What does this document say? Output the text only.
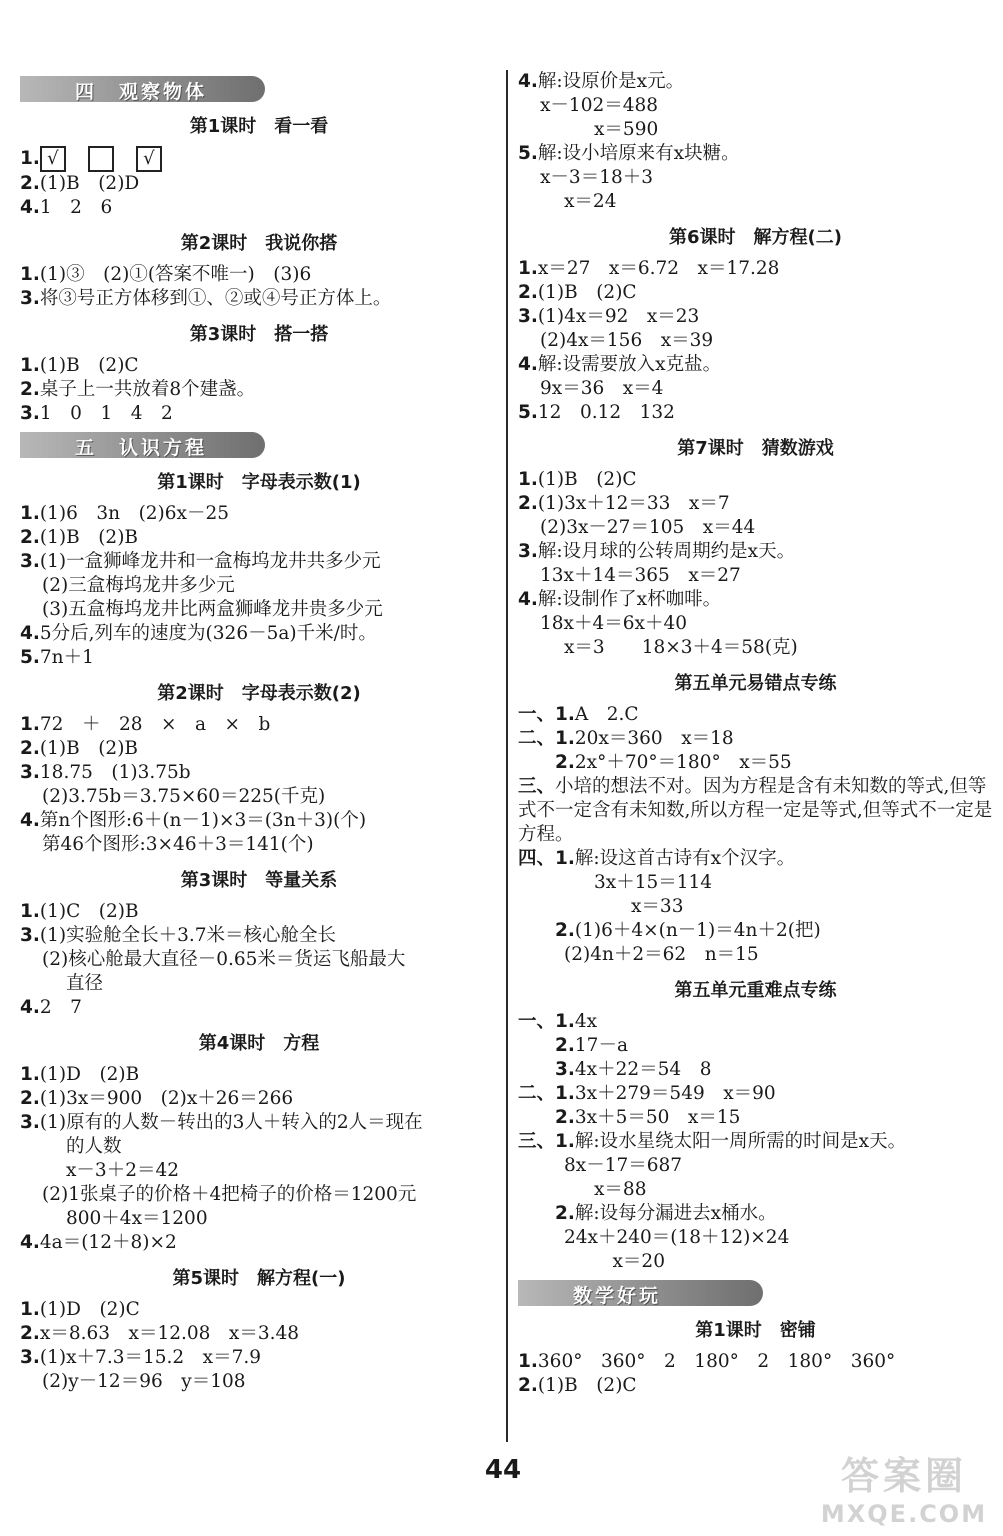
四　观察物体
第1课时　看一看
1. √	√
2.(1)B　(2)D
4.1　2　6
第2课时　我说你搭
1.(1)③　(2)①(答案不唯一)　(3)6
3.将③号正方体移到①、②或④号正方体上。
第3课时　搭一搭
1.(1)B　(2)C
2.桌子上一共放着8个建盏。
3.1　0　1　4　2
五　认识方程
第1课时　字母表示数(1)
1.(1)6　3n　(2)6x－25
2.(1)B　(2)B
3.(1)一盒狮峰龙井和一盒梅坞龙井共多少元
(2)三盒梅坞龙井多少元
(3)五盒梅坞龙井比两盒狮峰龙井贵多少元
4.5分后,列车的速度为(326－5a)千米/时。
5.7n＋1
第2课时　字母表示数(2)
1.72　＋　28　×　a　×　b
2.(1)B　(2)B
3.18.75　(1)3.75b
(2)3.75b＝3.75×60＝225(千克)
4.第n个图形:6＋(n－1)×3＝(3n＋3)(个)
第46个图形:3×46＋3＝141(个)
第3课时　等量关系
1.(1)C　(2)B
3.(1)实验舱全长＋3.7米＝核心舱全长
(2)核心舱最大直径－0.65米＝货运飞船最大
直径
4.2　7
第4课时　方程
1.(1)D　(2)B
2.(1)3x＝900　(2)x＋26＝266
3.(1)原有的人数－转出的3人＋转入的2人＝现在
的人数
x－3＋2＝42
(2)1张桌子的价格＋4把椅子的价格＝1200元
800＋4x＝1200
4.4a＝(12＋8)×2
第5课时　解方程(一)
1.(1)D　(2)C
2.x＝8.63　x＝12.08　x＝3.48
3.(1)x＋7.3＝15.2　x＝7.9
(2)y－12＝96　y＝108
4.解:设原价是x元。
x－102＝488
x＝590
5.解:设小培原来有x块糖。
x－3＝18＋3
x＝24
第6课时　解方程(二)
1.x＝27　x＝6.72　x＝17.28
2.(1)B　(2)C
3.(1)4x＝92　x＝23
(2)4x＝156　x＝39
4.解:设需要放入x克盐。
9x＝36　x＝4
5.12　0.12　132
第7课时　猜数游戏
1.(1)B　(2)C
2.(1)3x＋12＝33　x＝7
(2)3x－27＝105　x＝44
3.解:设月球的公转周期约是x天。
13x＋14＝365　x＝27
4.解:设制作了x杯咖啡。
18x＋4＝6x＋40
x＝3　　18×3＋4＝58(克)
第五单元易错点专练
一、1.A　2.C
二、1.20x＝360　x＝18
　　2.2x°＋70°＝180°　x＝55
三、小培的想法不对。因为方程是含有未知数的等式,但等式不一定含有未知数,所以方程一定是等式,但等式不一定是方程。
四、1.解:设这首古诗有x个汉字。
3x＋15＝114
　　x＝33
　　2.(1)6＋4×(n－1)＝4n＋2(把)
(2)4n＋2＝62　n＝15
第五单元重难点专练
一、1.4x
　　2.17－a
　　3.4x＋22＝54　8
二、1.3x＋279＝549　x＝90
　　2.3x＋5＝50　x＝15
三、1.解:设水星绕太阳一周所需的时间是x天。
8x－17＝687
x＝88
　　2.解:设每分漏进去x桶水。
24x＋240＝(18＋12)×24
　x＝20
数学好玩
第1课时　密铺
1.360°　360°　2　180°　2　180°　360°
2.(1)B　(2)C
44	答案圈
MXQE.COM
